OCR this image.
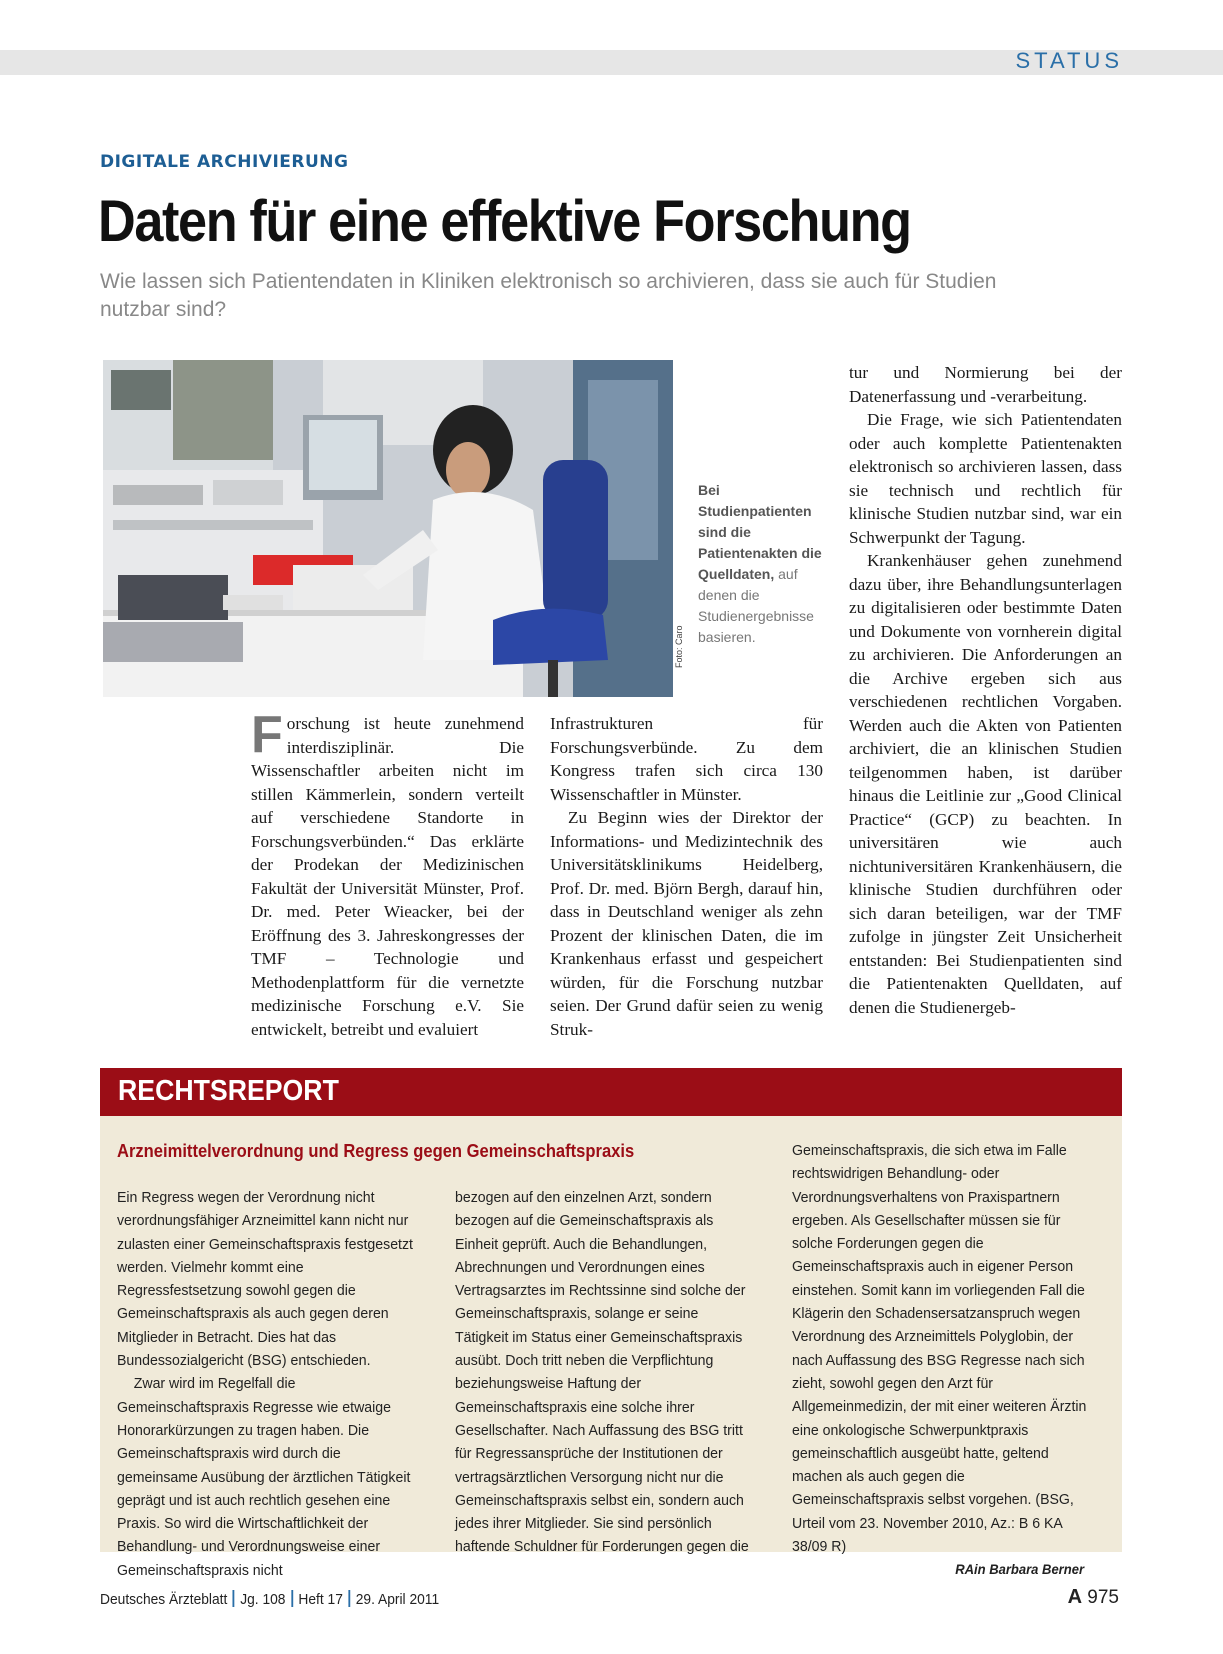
STATUS
DIGITALE ARCHIVIERUNG
Daten für eine effektive Forschung
Wie lassen sich Patientendaten in Kliniken elektronisch so archivieren, dass sie auch für Studien nutzbar sind?
Foto: Caro
Bei Studienpatienten sind die Patientenakten die Quelldaten, auf denen die Studienergebnisse basieren.
F orschung ist heute zunehmend interdisziplinär. Die Wissenschaftler arbeiten nicht im stillen Kämmerlein, sondern verteilt auf verschiedene Standorte in Forschungsverbünden.“ Das erklärte der Prodekan der Medizinischen Fakultät der Universität Münster, Prof. Dr. med. Peter Wieacker, bei der Eröffnung des 3. Jahreskongresses der TMF – Technologie und Methodenplattform für die vernetzte medizinische Forschung e.V. Sie entwickelt, betreibt und evaluiert

Infrastrukturen für Forschungsverbünde. Zu dem Kongress trafen sich circa 130 Wissenschaftler in Münster.

Zu Beginn wies der Direktor der Informations- und Medizintechnik des Universitätsklinikums Heidelberg, Prof. Dr. med. Björn Bergh, darauf hin, dass in Deutschland weniger als zehn Prozent der klinischen Daten, die im Krankenhaus erfasst und gespeichert würden, für die Forschung nutzbar seien. Der Grund dafür seien zu wenig Struk-

tur und Normierung bei der Datenerfassung und -verarbeitung.

Die Frage, wie sich Patientendaten oder auch komplette Patientenakten elektronisch so archivieren lassen, dass sie technisch und rechtlich für klinische Studien nutzbar sind, war ein Schwerpunkt der Tagung.

Krankenhäuser gehen zunehmend dazu über, ihre Behandlungsunterlagen zu digitalisieren oder bestimmte Daten und Dokumente von vornherein digital zu archivieren. Die Anforderungen an die Archive ergeben sich aus verschiedenen rechtlichen Vorgaben. Werden auch die Akten von Patienten archiviert, die an klinischen Studien teilgenommen haben, ist darüber hinaus die Leitlinie zur „Good Clinical Practice“ (GCP) zu beachten. In universitären wie auch nichtuniversitären Krankenhäusern, die klinische Studien durchführen oder sich daran beteiligen, war der TMF zufolge in jüngster Zeit Unsicherheit entstanden: Bei Studienpatienten sind die Patientenakten Quelldaten, auf denen die Studienergeb-

RECHTSREPORT
Arzneimittelverordnung und Regress gegen Gemeinschaftspraxis

Ein Regress wegen der Verordnung nicht verordnungsfähiger Arzneimittel kann nicht nur zulasten einer Gemeinschaftspraxis festgesetzt werden. Vielmehr kommt eine Regressfestsetzung sowohl gegen die Gemeinschaftspraxis als auch gegen deren Mitglieder in Betracht. Dies hat das Bundessozialgericht (BSG) entschieden.

Zwar wird im Regelfall die Gemeinschaftspraxis Regresse wie etwaige Honorarkürzungen zu tragen haben. Die Gemeinschaftspraxis wird durch die gemeinsame Ausübung der ärztlichen Tätigkeit geprägt und ist auch rechtlich gesehen eine Praxis. So wird die Wirtschaftlichkeit der Behandlung- und Verordnungsweise einer Gemeinschaftspraxis nicht

bezogen auf den einzelnen Arzt, sondern bezogen auf die Gemeinschaftspraxis als Einheit geprüft. Auch die Behandlungen, Abrechnungen und Verordnungen eines Vertragsarztes im Rechtssinne sind solche der Gemeinschaftspraxis, solange er seine Tätigkeit im Status einer Gemeinschaftspraxis ausübt. Doch tritt neben die Verpflichtung beziehungsweise Haftung der Gemeinschaftspraxis eine solche ihrer Gesellschafter. Nach Auffassung des BSG tritt für Regressansprüche der Institutionen der vertragsärztlichen Versorgung nicht nur die Gemeinschaftspraxis selbst ein, sondern auch jedes ihrer Mitglieder. Sie sind persönlich haftende Schuldner für Forderungen gegen die

Gemeinschaftspraxis, die sich etwa im Falle rechtswidrigen Behandlung- oder Verordnungsverhaltens von Praxispartnern ergeben. Als Gesellschafter müssen sie für solche Forderungen gegen die Gemeinschaftspraxis auch in eigener Person einstehen. Somit kann im vorliegenden Fall die Klägerin den Schadensersatzanspruch wegen Verordnung des Arzneimittels Polyglobin, der nach Auffassung des BSG Regresse nach sich zieht, sowohl gegen den Arzt für Allgemeinmedizin, der mit einer weiteren Ärztin eine onkologische Schwerpunktpraxis gemeinschaftlich ausgeübt hatte, geltend machen als auch gegen die Gemeinschaftspraxis selbst vorgehen. (BSG, Urteil vom 23. November 2010, Az.: B 6 KA 38/09 R)

RAin Barbara Berner
Deutsches Ärzteblatt Jg. 108 Heft 17 29. April 2011	A 975
